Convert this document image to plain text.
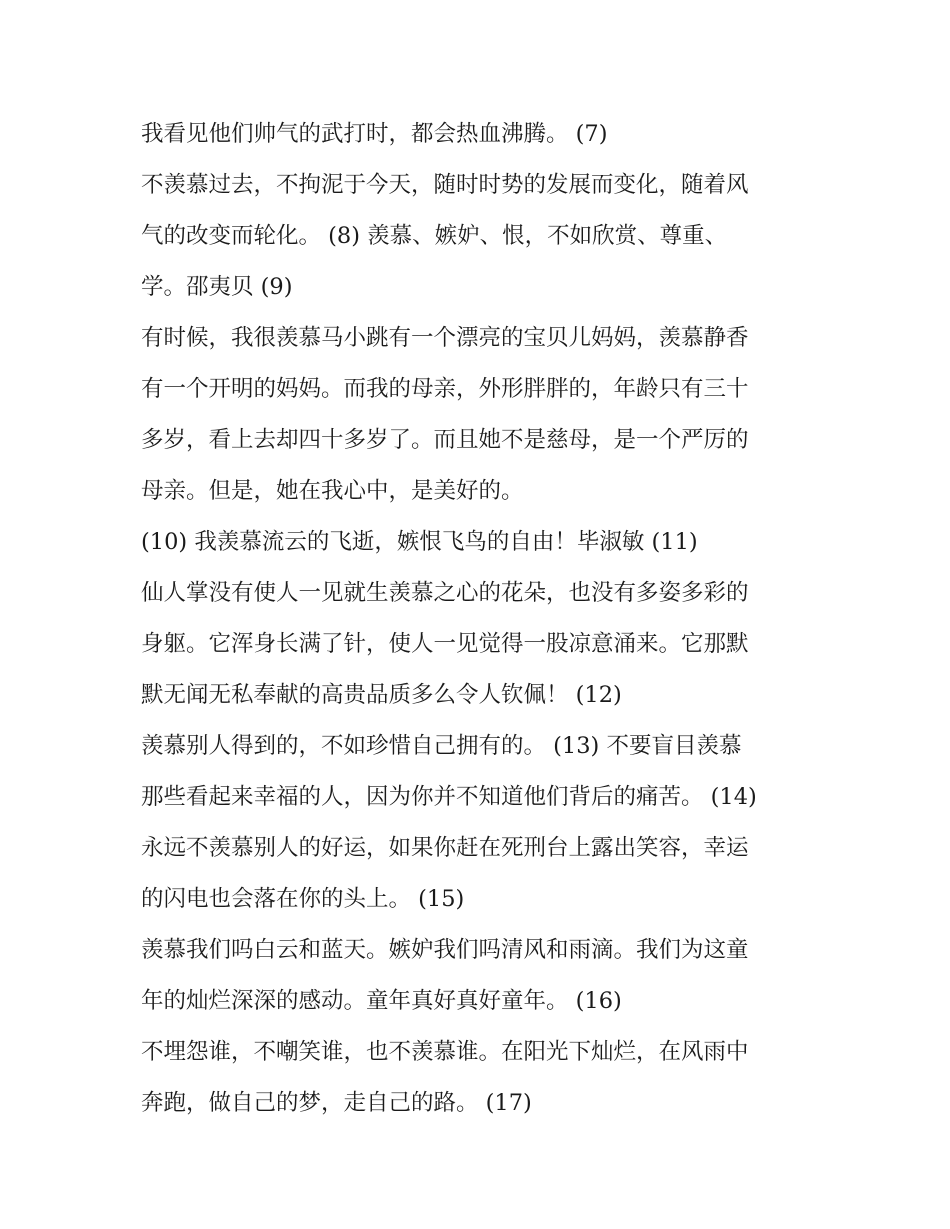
我看见他们帅气的武打时，都会热血沸腾。 (7)
不羡慕过去，不拘泥于今天，随时时势的发展而变化，随着风
气的改变而轮化。 (8) 羡慕、嫉妒、恨，不如欣赏、尊重、
学。邵夷贝 (9)
有时候，我很羡慕马小跳有一个漂亮的宝贝儿妈妈，羡慕静香
有一个开明的妈妈。而我的母亲，外形胖胖的，年龄只有三十
多岁，看上去却四十多岁了。而且她不是慈母，是一个严厉的
母亲。但是，她在我心中，是美好的。
(10) 我羡慕流云的飞逝，嫉恨飞鸟的自由！毕淑敏 (11)
仙人掌没有使人一见就生羡慕之心的花朵，也没有多姿多彩的
身躯。它浑身长满了针，使人一见觉得一股凉意涌来。它那默
默无闻无私奉献的高贵品质多么令人钦佩！ (12)
羡慕别人得到的，不如珍惜自己拥有的。 (13) 不要盲目羡慕
那些看起来幸福的人，因为你并不知道他们背后的痛苦。 (14)
永远不羡慕别人的好运，如果你赶在死刑台上露出笑容，幸运
的闪电也会落在你的头上。 (15)
羡慕我们吗白云和蓝天。嫉妒我们吗清风和雨滴。我们为这童
年的灿烂深深的感动。童年真好真好童年。 (16)
不埋怨谁，不嘲笑谁，也不羡慕谁。在阳光下灿烂，在风雨中
奔跑，做自己的梦，走自己的路。 (17)
